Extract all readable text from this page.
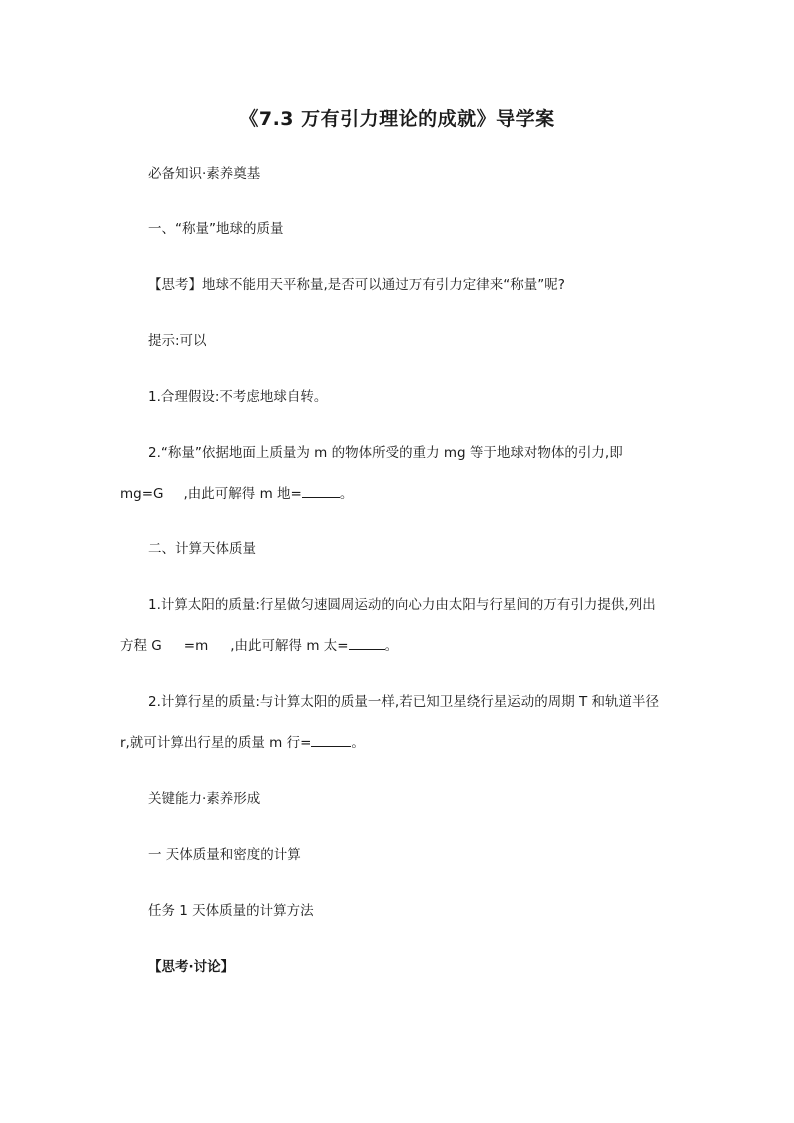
《7.3 万有引力理论的成就》导学案
必备知识·素养奠基
一、“称量”地球的质量
【思考】地球不能用天平称量,是否可以通过万有引力定律来“称量”呢?
提示:可以
1.合理假设:不考虑地球自转。
2.“称量”依据地面上质量为 m 的物体所受的重力 mg 等于地球对物体的引力,即
mg=G ,由此可解得 m 地=	。
二、计算天体质量
1.计算太阳的质量:行星做匀速圆周运动的向心力由太阳与行星间的万有引力提供,列出
方程 G =m ,由此可解得 m 太=	。
2.计算行星的质量:与计算太阳的质量一样,若已知卫星绕行星运动的周期 T 和轨道半径
r,就可计算出行星的质量 m 行=	。
关键能力·素养形成
一 天体质量和密度的计算
任务 1 天体质量的计算方法
【思考·讨论】
